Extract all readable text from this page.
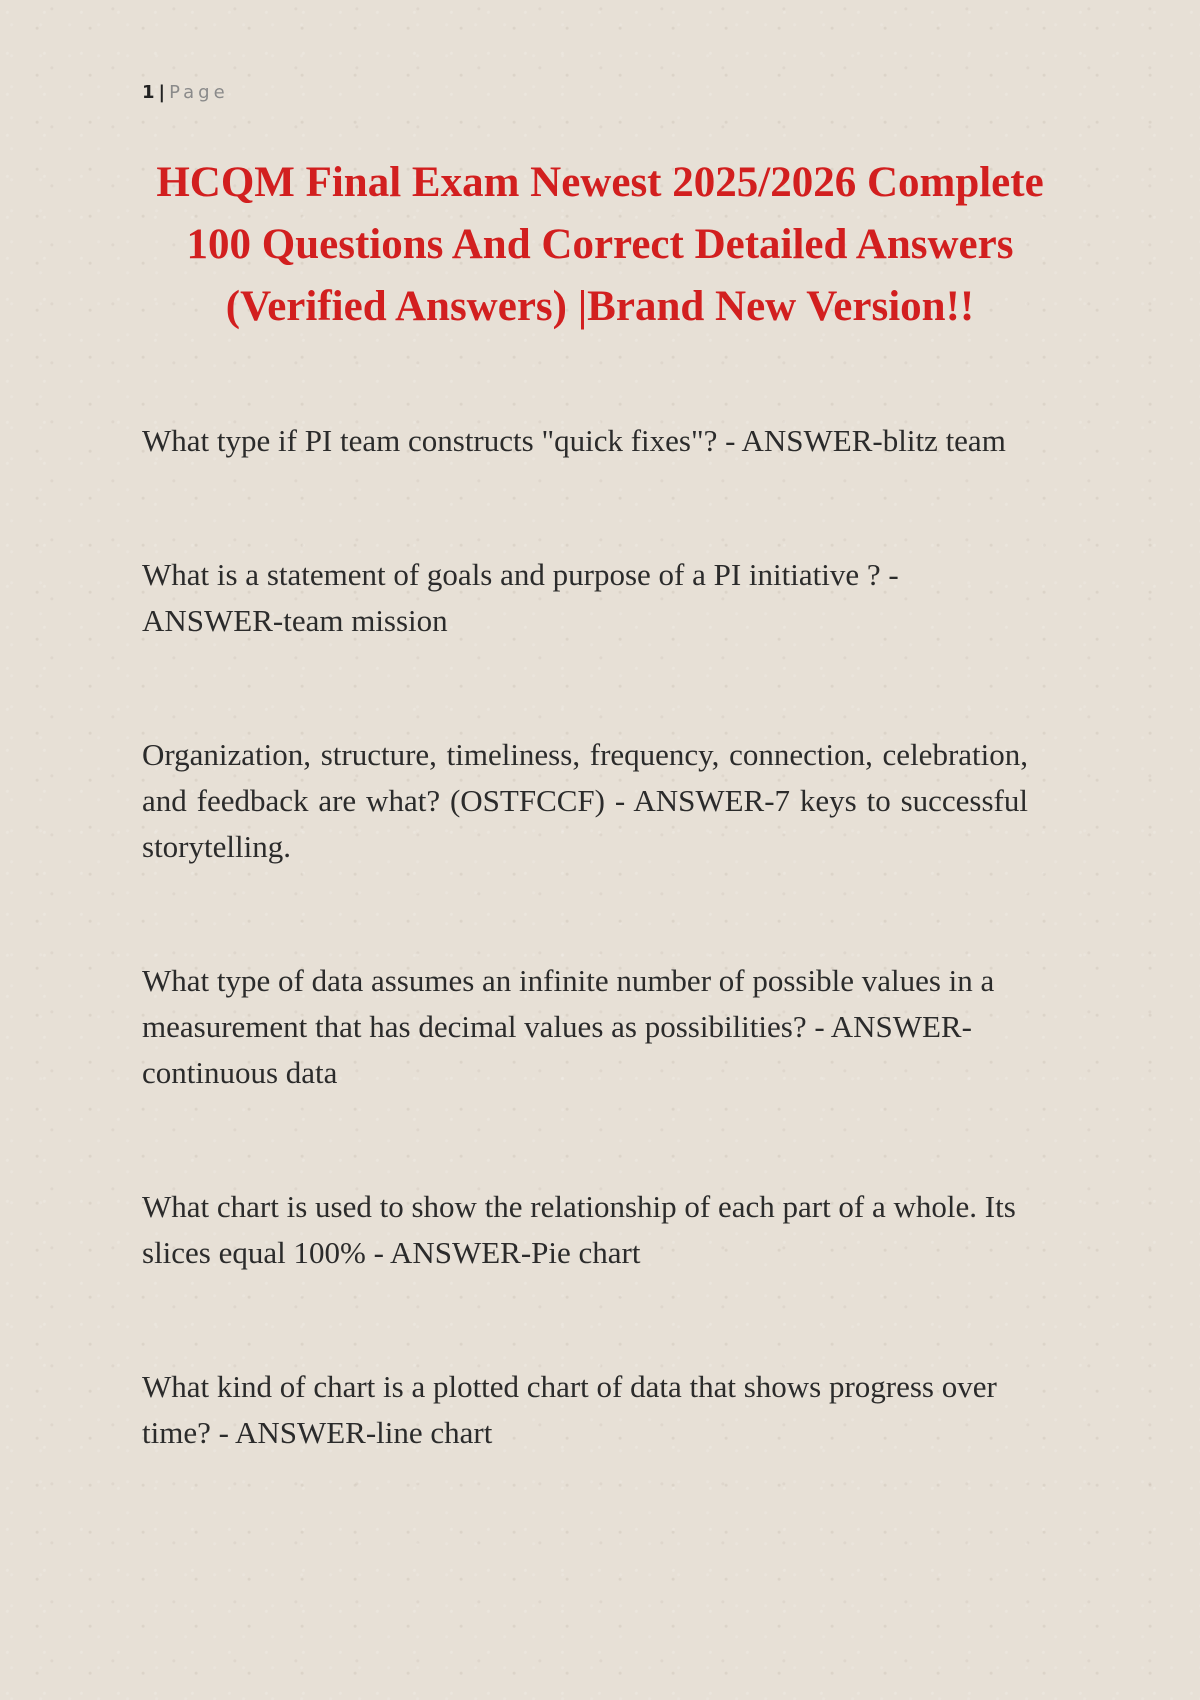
1 | Page
HCQM Final Exam Newest 2025/2026 Complete 100 Questions And Correct Detailed Answers (Verified Answers) |Brand New Version!!

What type if PI team constructs "quick fixes"? - ANSWER-blitz team

What is a statement of goals and purpose of a PI initiative ? - ANSWER-team mission

Organization, structure, timeliness, frequency, connection, celebration, and feedback are what? (OSTFCCF) - ANSWER-7 keys to successful storytelling.

What type of data assumes an infinite number of possible values in a measurement that has decimal values as possibilities? - ANSWER-continuous data

What chart is used to show the relationship of each part of a whole. Its slices equal 100% - ANSWER-Pie chart

What kind of chart is a plotted chart of data that shows progress over time? - ANSWER-line chart
